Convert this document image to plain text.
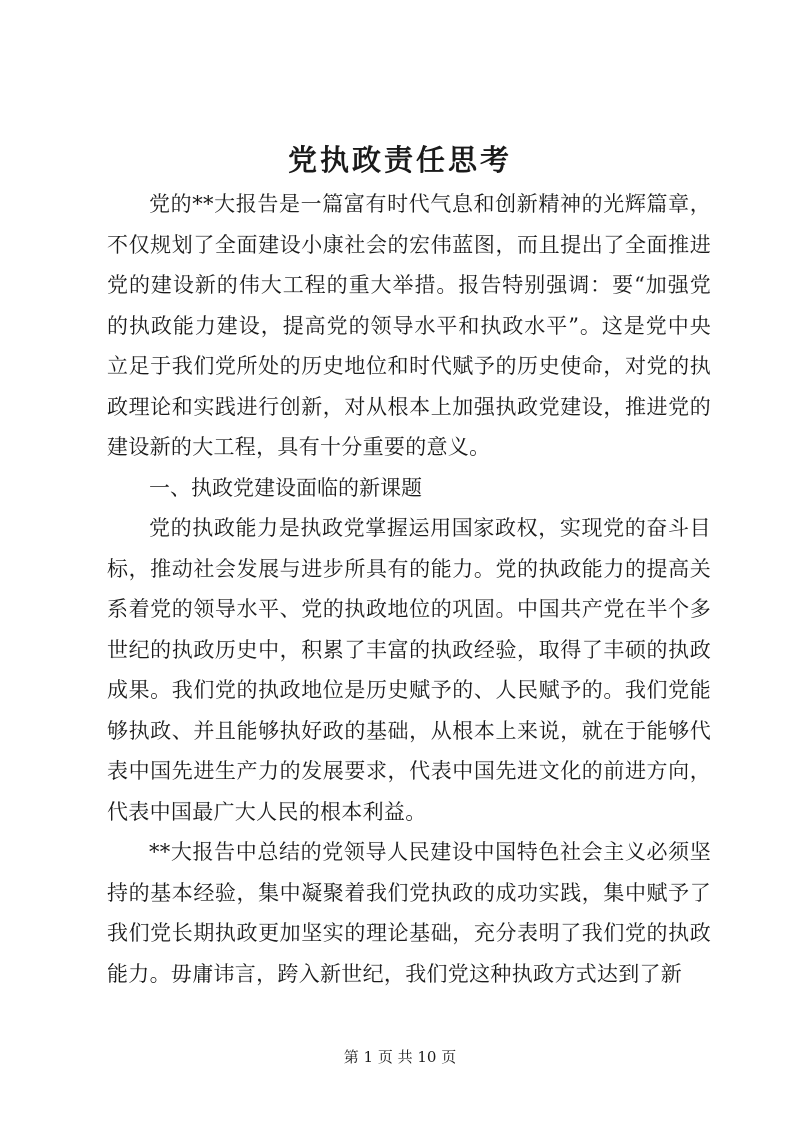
党执政责任思考

党的**大报告是一篇富有时代气息和创新精神的光辉篇章，不仅规划了全面建设小康社会的宏伟蓝图，而且提出了全面推进党的建设新的伟大工程的重大举措。报告特别强调：要“加强党的执政能力建设，提高党的领导水平和执政水平”。这是党中央立足于我们党所处的历史地位和时代赋予的历史使命，对党的执政理论和实践进行创新，对从根本上加强执政党建设，推进党的建设新的大工程，具有十分重要的意义。

一、执政党建设面临的新课题

党的执政能力是执政党掌握运用国家政权，实现党的奋斗目标，推动社会发展与进步所具有的能力。党的执政能力的提高关系着党的领导水平、党的执政地位的巩固。中国共产党在半个多世纪的执政历史中，积累了丰富的执政经验，取得了丰硕的执政成果。我们党的执政地位是历史赋予的、人民赋予的。我们党能够执政、并且能够执好政的基础，从根本上来说，就在于能够代表中国先进生产力的发展要求，代表中国先进文化的前进方向，代表中国最广大人民的根本利益。

**大报告中总结的党领导人民建设中国特色社会主义必须坚持的基本经验，集中凝聚着我们党执政的成功实践，集中赋予了我们党长期执政更加坚实的理论基础，充分表明了我们党的执政能力。毋庸讳言，跨入新世纪，我们党这种执政方式达到了新

第 1 页 共 10 页
